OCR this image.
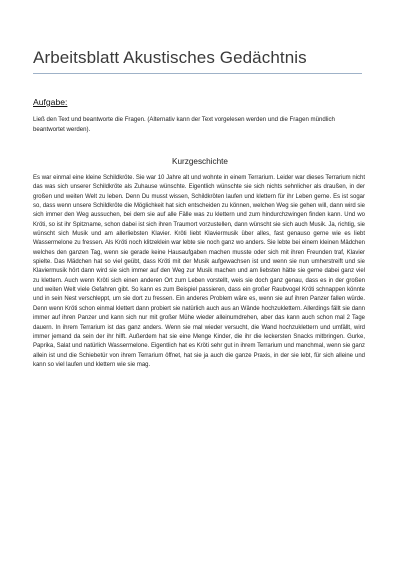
Arbeitsblatt Akustisches Gedächtnis
Aufgabe:
Ließ den Text und beantworte die Fragen. (Alternativ kann der Text vorgelesen werden und die Fragen mündlich beantwortet werden).
Kurzgeschichte
Es war einmal eine kleine Schildkröte. Sie war 10 Jahre alt und wohnte in einem Terrarium. Leider war dieses Terrarium nicht das was sich unserer Schildkröte als Zuhause wünschte. Eigentlich wünschte sie sich nichts sehnlicher als draußen, in der großen und weiten Welt zu leben. Denn Du musst wissen, Schildkröten laufen und klettern für ihr Leben gerne. Es ist sogar so, dass wenn unsere Schildkröte die Möglichkeit hat sich entscheiden zu können, welchen Weg sie gehen will, dann wird sie sich immer den Weg aussuchen, bei dem sie auf alle Fälle was zu klettern und zum hindurchzwingen finden kann. Und wo Kröti, so ist ihr Spitzname, schon dabei ist sich ihren Traumort vorzustellen, dann wünscht sie sich auch Musik. Ja, richtig, sie wünscht sich Musik und am allerliebsten Klavier. Kröti liebt Klaviermusik über alles, fast genauso gerne wie es liebt Wassermelone zu fressen. Als Kröti noch klitzeklein war lebte sie noch ganz wo anders. Sie lebte bei einem kleinen Mädchen welches den ganzen Tag, wenn sie gerade keine Hausaufgaben machen musste oder sich mit ihren Freunden traf, Klavier spielte. Das Mädchen hat so viel geübt, dass Kröti mit der Musik aufgewachsen ist und wenn sie nun umherstreift und sie Klaviermusik hört dann wird sie sich immer auf den Weg zur Musik machen und am liebsten hätte sie gerne dabei ganz viel zu klettern. Auch wenn Kröti sich einen anderen Ort zum Leben vorstellt, weis sie doch ganz genau, dass es in der großen und weiten Welt viele Gefahren gibt. So kann es zum Beispiel passieren, dass ein großer Raubvogel Kröti schnappen könnte und in sein Nest verschleppt, um sie dort zu fressen. Ein anderes Problem wäre es, wenn sie auf ihren Panzer fallen würde. Denn wenn Kröti schon einmal klettert dann probiert sie natürlich auch aus an Wände hochzuklettern. Allerdings fällt sie dann immer auf ihren Panzer und kann sich nur mit großer Mühe wieder alleinumdrehen, aber das kann auch schon mal 2 Tage dauern. In ihrem Terrarium ist das ganz anders. Wenn sie mal wieder versucht, die Wand hochzuklettern und umfällt, wird immer jemand da sein der ihr hilft. Außerdem hat sie eine Menge Kinder, die ihr die leckersten Snacks mitbringen. Gurke, Paprika, Salat und natürlich Wassermelone. Eigentlich hat es Kröti sehr gut in ihrem Terrarium und manchmal, wenn sie ganz allein ist und die Schiebetür von ihrem Terrarium öffnet, hat sie ja auch die ganze Praxis, in der sie lebt, für sich alleine und kann so viel laufen und klettern wie sie mag.
